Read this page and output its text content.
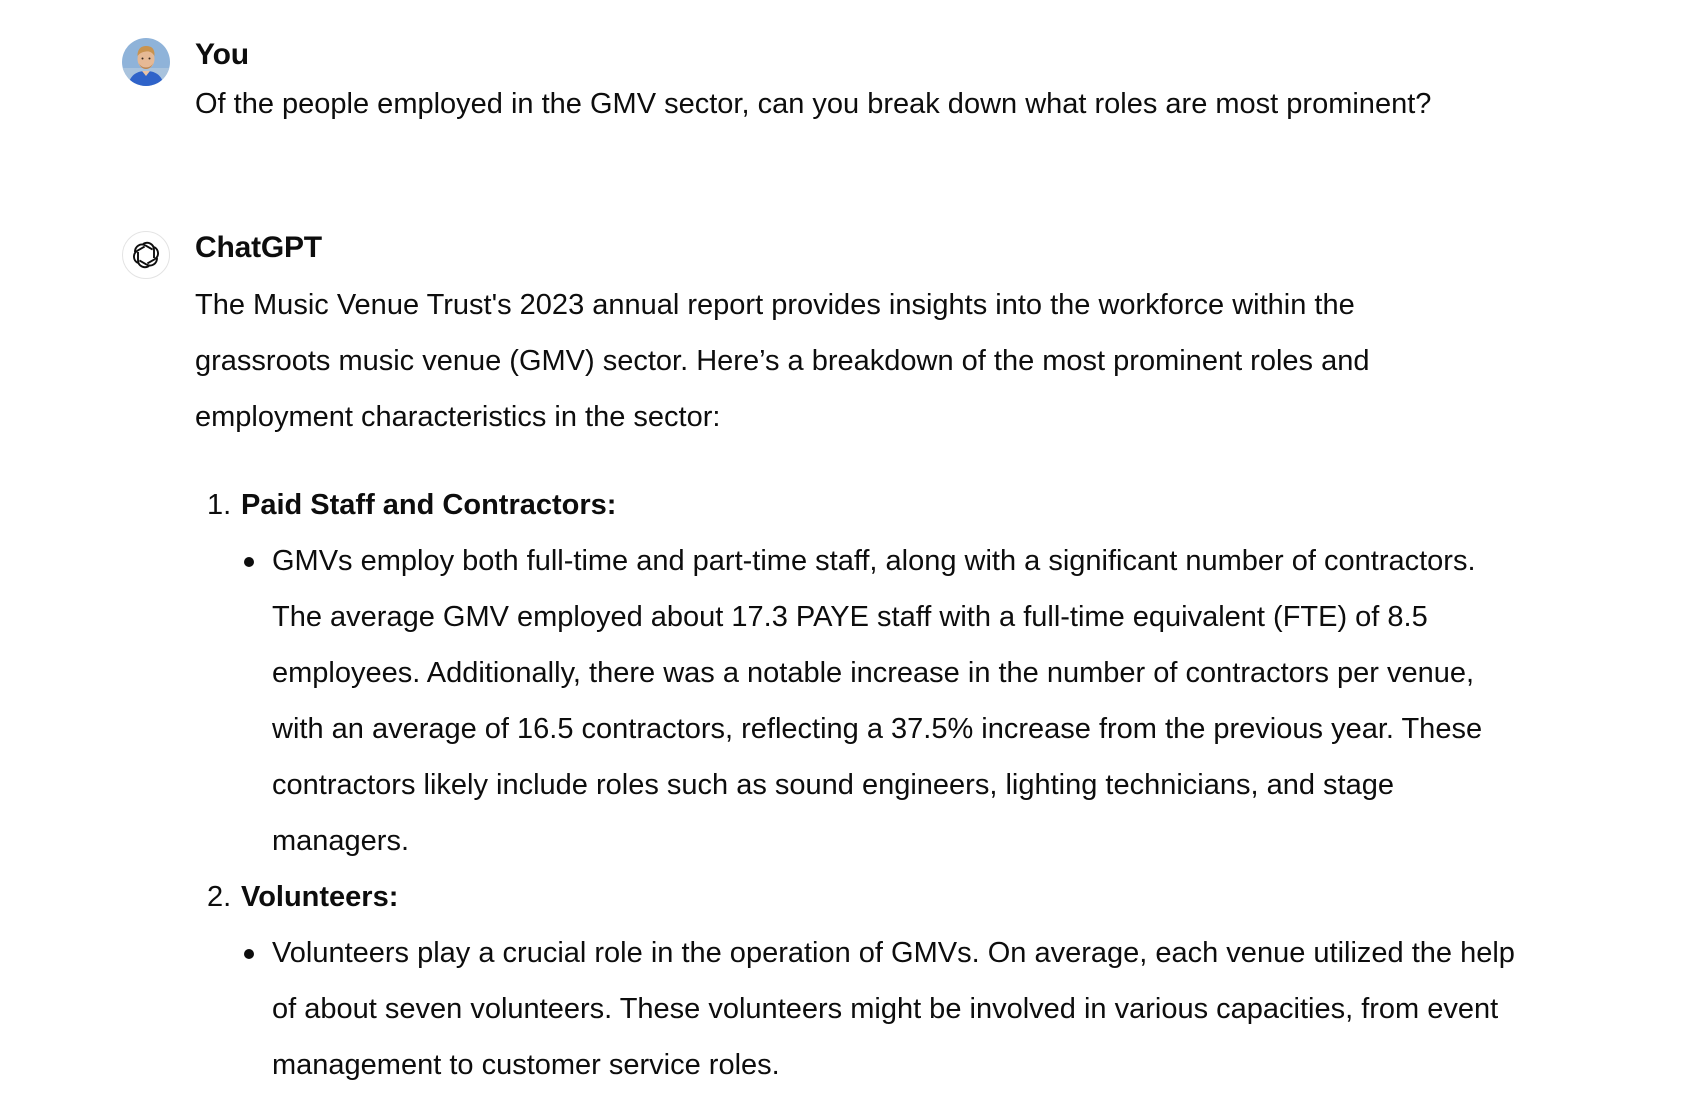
You

Of the people employed in the GMV sector, can you break down what roles are most prominent?

ChatGPT

The Music Venue Trust's 2023 annual report provides insights into the workforce within the grassroots music venue (GMV) sector. Here’s a breakdown of the most prominent roles and employment characteristics in the sector:

1. Paid Staff and Contractors:
GMVs employ both full-time and part-time staff, along with a significant number of contractors. The average GMV employed about 17.3 PAYE staff with a full-time equivalent (FTE) of 8.5 employees. Additionally, there was a notable increase in the number of contractors per venue, with an average of 16.5 contractors, reflecting a 37.5% increase from the previous year. These contractors likely include roles such as sound engineers, lighting technicians, and stage managers.
2. Volunteers:
Volunteers play a crucial role in the operation of GMVs. On average, each venue utilized the help of about seven volunteers. These volunteers might be involved in various capacities, from event management to customer service roles.
